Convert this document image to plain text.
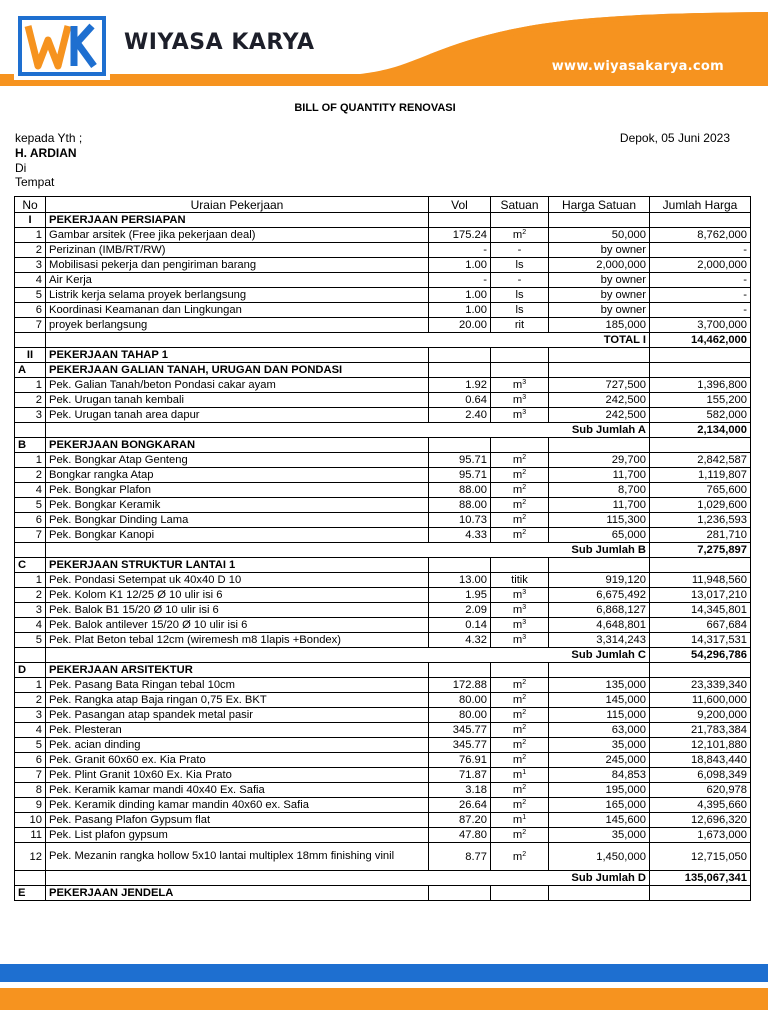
WIYASA KARYA
www.wiyasakarya.com
BILL OF QUANTITY RENOVASI
kepada Yth ;
H. ARDIAN
Di
Tempat
Depok, 05 Juni 2023
No	Uraian Pekerjaan	Vol	Satuan	Harga Satuan	Jumlah Harga
I	PEKERJAAN PERSIAPAN				
1	Gambar arsitek (Free jika pekerjaan deal)	175.24	$m^2$	50,000	8,762,000
2	Perizinan (IMB/RT/RW)	-	-	by owner	-
3	Mobilisasi pekerja dan pengiriman barang	1.00	ls	2,000,000	2,000,000
4	Air Kerja	-	-	by owner	-
5	Listrik kerja selama proyek berlangsung	1.00	ls	by owner	-
6	Koordinasi Keamanan dan Lingkungan	1.00	ls	by owner	-
7	proyek berlangsung	20.00	rit	185,000	3,700,000
				TOTAL I	14,462,000
II	PEKERJAAN TAHAP 1				
A	PEKERJAAN GALIAN TANAH, URUGAN DAN PONDASI				
1	Pek. Galian Tanah/beton Pondasi cakar ayam	1.92	$m^3$	727,500	1,396,800
2	Pek. Urugan tanah kembali	0.64	$m^3$	242,500	155,200
3	Pek. Urugan tanah area dapur	2.40	$m^3$	242,500	582,000
				Sub Jumlah A	2,134,000
B	PEKERJAAN BONGKARAN				
1	Pek. Bongkar Atap Genteng	95.71	$m^2$	29,700	2,842,587
2	Bongkar rangka Atap	95.71	$m^2$	11,700	1,119,807
4	Pek. Bongkar Plafon	88.00	$m^2$	8,700	765,600
5	Pek. Bongkar Keramik	88.00	$m^2$	11,700	1,029,600
6	Pek. Bongkar Dinding Lama	10.73	$m^2$	115,300	1,236,593
7	Pek. Bongkar Kanopi	4.33	$m^2$	65,000	281,710
				Sub Jumlah B	7,275,897
C	PEKERJAAN STRUKTUR LANTAI 1				
1	Pek. Pondasi Setempat uk 40x40 D 10	13.00	titik	919,120	11,948,560
2	Pek. Kolom K1 12/25 Ø 10 ulir isi 6	1.95	$m^3$	6,675,492	13,017,210
3	Pek. Balok B1 15/20 Ø 10 ulir isi 6	2.09	$m^3$	6,868,127	14,345,801
4	Pek. Balok antilever 15/20 Ø 10 ulir isi 6	0.14	$m^3$	4,648,801	667,684
5	Pek. Plat Beton tebal 12cm (wiremesh m8 1lapis +Bondex)	4.32	$m^3$	3,314,243	14,317,531
				Sub Jumlah C	54,296,786
D	PEKERJAAN ARSITEKTUR				
1	Pek. Pasang Bata Ringan tebal 10cm	172.88	$m^2$	135,000	23,339,340
2	Pek. Rangka atap Baja ringan 0,75 Ex. BKT	80.00	$m^2$	145,000	11,600,000
3	Pek. Pasangan atap spandek metal pasir	80.00	$m^2$	115,000	9,200,000
4	Pek. Plesteran	345.77	$m^2$	63,000	21,783,384
5	Pek. acian dinding	345.77	$m^2$	35,000	12,101,880
6	Pek. Granit 60x60 ex. Kia Prato	76.91	$m^2$	245,000	18,843,440
7	Pek. Plint Granit 10x60 Ex. Kia Prato	71.87	$m^1$	84,853	6,098,349
8	Pek. Keramik kamar mandi 40x40 Ex. Safia	3.18	$m^2$	195,000	620,978
9	Pek. Keramik dinding kamar mandin 40x60 ex. Safia	26.64	$m^2$	165,000	4,395,660
10	Pek. Pasang Plafon Gypsum flat	87.20	$m^1$	145,600	12,696,320
11	Pek. List plafon gypsum	47.80	$m^2$	35,000	1,673,000
12	Pek. Mezanin rangka hollow 5x10 lantai multiplex 18mm finishing vinil	8.77	$m^2$	1,450,000	12,715,050
				Sub Jumlah D	135,067,341
E	PEKERJAAN JENDELA				
